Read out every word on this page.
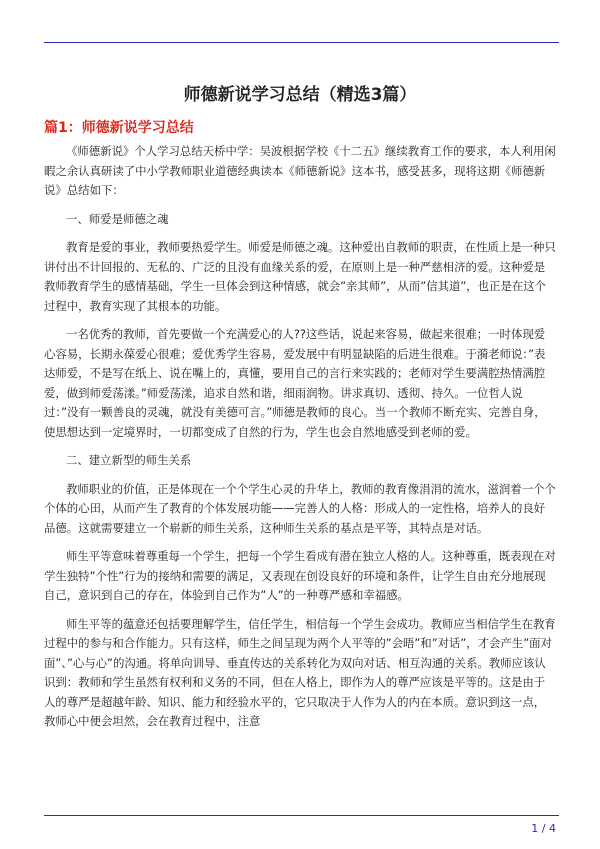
师德新说学习总结（精选3篇）
篇1：师德新说学习总结

《师德新说》个人学习总结天桥中学：吴波根据学校《十二五》继续教育工作的要求，本人利用闲暇之余认真研读了中小学教师职业道德经典读本《师德新说》这本书，感受甚多，现将这期《师德新说》总结如下：

一、师爱是师德之魂

教育是爱的事业，教师要热爱学生。师爱是师德之魂。这种爱出自教师的职责，在性质上是一种只讲付出不计回报的、无私的、广泛的且没有血缘关系的爱，在原则上是一种严慈相济的爱。这种爱是教师教育学生的感情基础，学生一旦体会到这种情感，就会”亲其师”，从而”信其道”，也正是在这个过程中，教育实现了其根本的功能。

一名优秀的教师，首先要做一个充满爱心的人??这些话，说起来容易，做起来很难；一时体现爱心容易，长期永葆爱心很难；爱优秀学生容易，爱发展中有明显缺陷的后进生很难。于漪老师说：”表达师爱，不是写在纸上、说在嘴上的，真懂，要用自己的言行来实践的；老师对学生要满腔热情满腔爱，做到师爱荡漾。”师爱荡漾，追求自然和谐，细雨润物。讲求真切、透彻、持久。一位哲人说过：”没有一颗善良的灵魂，就没有美德可言。”师德是教师的良心。当一个教师不断充实、完善自身，使思想达到一定境界时，一切都变成了自然的行为，学生也会自然地感受到老师的爱。

二、建立新型的师生关系

教师职业的价值，正是体现在一个个学生心灵的升华上，教师的教育像涓涓的流水，滋润着一个个个体的心田，从而产生了教育的个体发展功能——完善人的人格：形成人的一定性格，培养人的良好品德。这就需要建立一个崭新的师生关系，这种师生关系的基点是平等，其特点是对话。

师生平等意味着尊重每一个学生，把每一个学生看成有潜在独立人格的人。这种尊重，既表现在对学生独特”个性”行为的接纳和需要的满足，又表现在创设良好的环境和条件，让学生自由充分地展现自己，意识到自己的存在，体验到自己作为”人”的一种尊严感和幸福感。

师生平等的蕴意还包括要理解学生，信任学生，相信每一个学生会成功。教师应当相信学生在教育过程中的参与和合作能力。只有这样，师生之间呈现为两个人平等的”会晤”和”对话”，才会产生”面对面”、”心与心”的沟通。将单向训导、垂直传达的关系转化为双向对话、相互沟通的关系。教师应该认识到：教师和学生虽然有权利和义务的不同，但在人格上，即作为人的尊严应该是平等的。这是由于人的尊严是超越年龄、知识、能力和经验水平的，它只取决于人作为人的内在本质。意识到这一点，教师心中便会坦然，会在教育过程中，注意

1 / 4
